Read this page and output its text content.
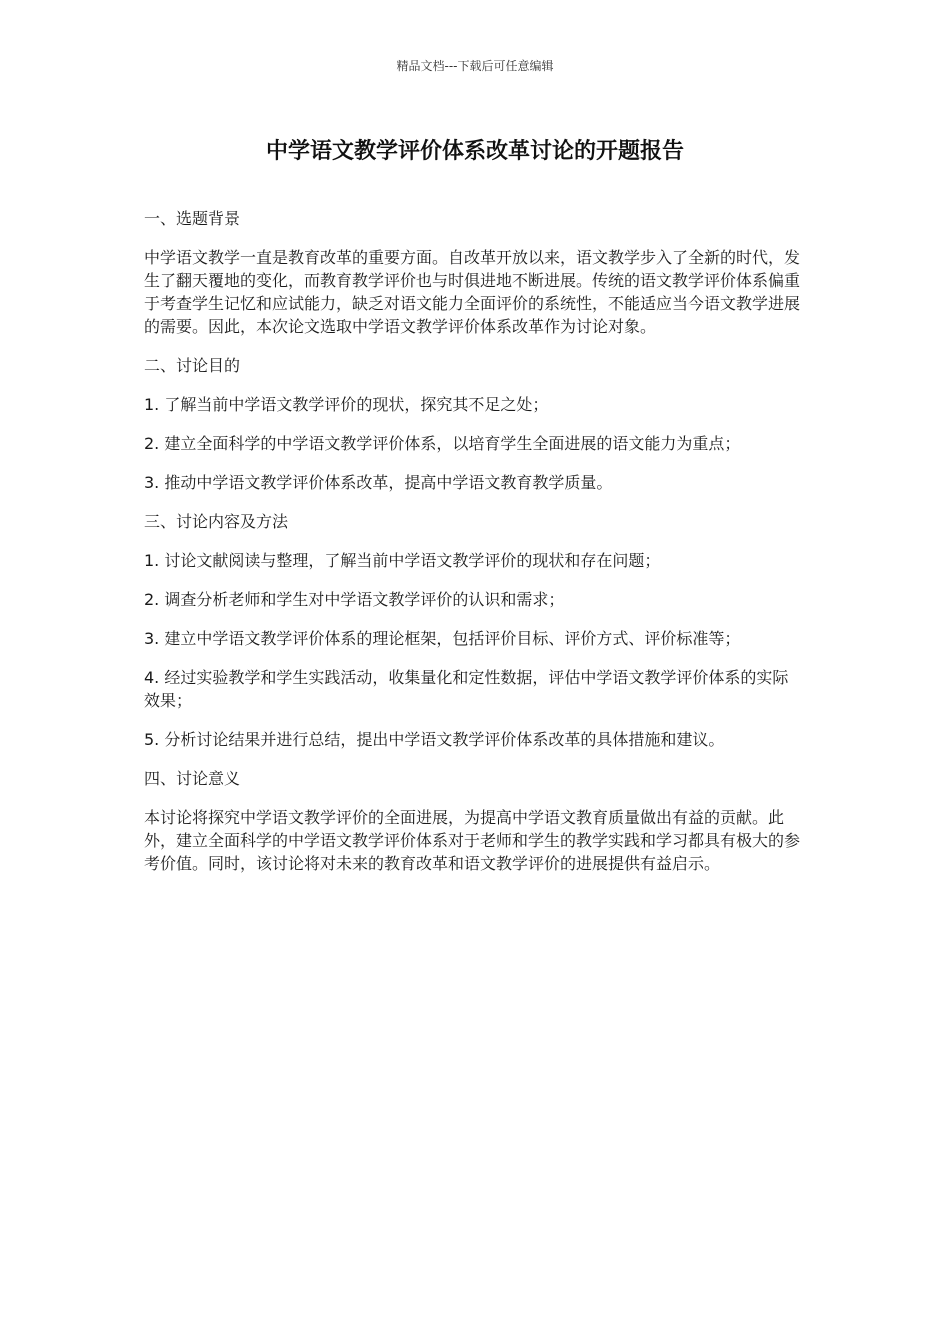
精品文档---下载后可任意编辑
中学语文教学评价体系改革讨论的开题报告

一、选题背景

中学语文教学一直是教育改革的重要方面。自改革开放以来，语文教学步入了全新的时代，发生了翻天覆地的变化，而教育教学评价也与时俱进地不断进展。传统的语文教学评价体系偏重于考查学生记忆和应试能力，缺乏对语文能力全面评价的系统性，不能适应当今语文教学进展的需要。因此，本次论文选取中学语文教学评价体系改革作为讨论对象。

二、讨论目的

1. 了解当前中学语文教学评价的现状，探究其不足之处；

2. 建立全面科学的中学语文教学评价体系，以培育学生全面进展的语文能力为重点；

3. 推动中学语文教学评价体系改革，提高中学语文教育教学质量。

三、讨论内容及方法

1. 讨论文献阅读与整理，了解当前中学语文教学评价的现状和存在问题；

2. 调查分析老师和学生对中学语文教学评价的认识和需求；

3. 建立中学语文教学评价体系的理论框架，包括评价目标、评价方式、评价标准等；

4. 经过实验教学和学生实践活动，收集量化和定性数据，评估中学语文教学评价体系的实际效果；

5. 分析讨论结果并进行总结，提出中学语文教学评价体系改革的具体措施和建议。

四、讨论意义

本讨论将探究中学语文教学评价的全面进展，为提高中学语文教育质量做出有益的贡献。此外，建立全面科学的中学语文教学评价体系对于老师和学生的教学实践和学习都具有极大的参考价值。同时，该讨论将对未来的教育改革和语文教学评价的进展提供有益启示。
